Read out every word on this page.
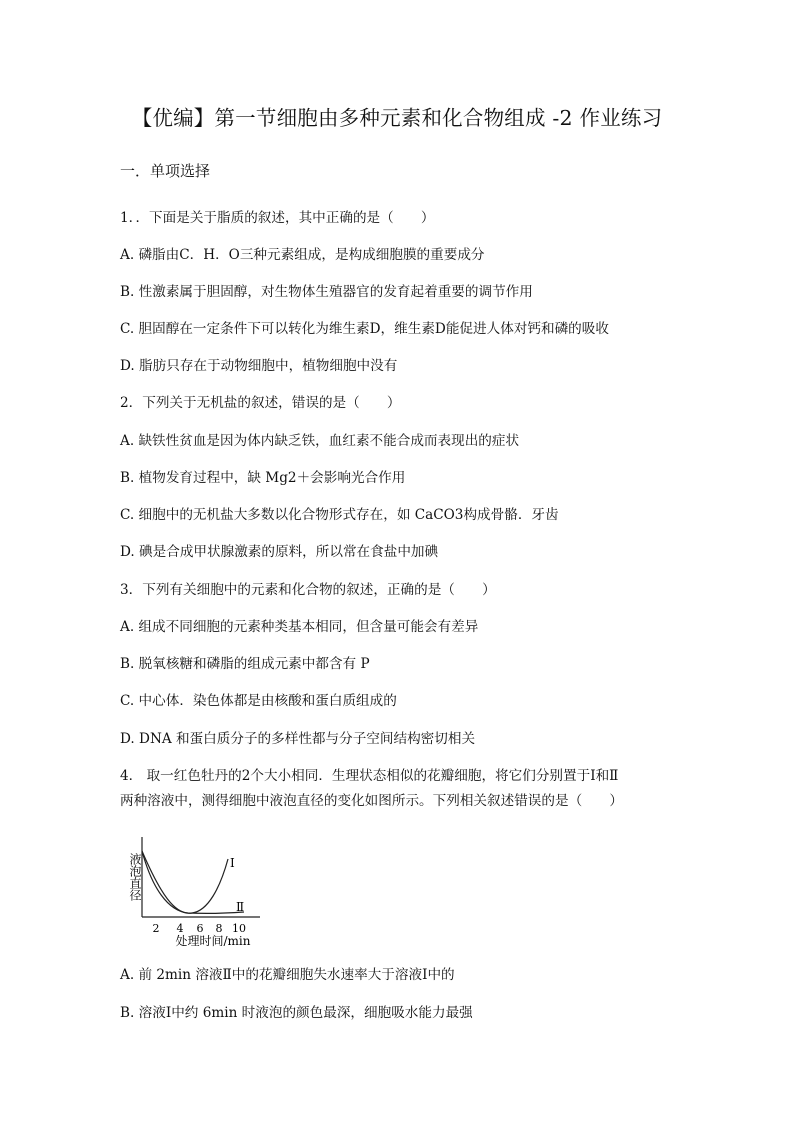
【优编】第一节细胞由多种元素和化合物组成 -2 作业练习
一．单项选择
1．．下面是关于脂质的叙述，其中正确的是（　　）
A. 磷脂由C．H．O三种元素组成，是构成细胞膜的重要成分
B. 性激素属于胆固醇，对生物体生殖器官的发育起着重要的调节作用
C. 胆固醇在一定条件下可以转化为维生素D，维生素D能促进人体对钙和磷的吸收
D. 脂肪只存在于动物细胞中，植物细胞中没有
2．下列关于无机盐的叙述，错误的是（　　）
A. 缺铁性贫血是因为体内缺乏铁，血红素不能合成而表现出的症状
B. 植物发育过程中，缺 Mg2＋会影响光合作用
C. 细胞中的无机盐大多数以化合物形式存在，如 CaCO3构成骨骼．牙齿
D. 碘是合成甲状腺激素的原料，所以常在食盐中加碘
3．下列有关细胞中的元素和化合物的叙述，正确的是（　　）
A. 组成不同细胞的元素种类基本相同，但含量可能会有差异
B. 脱氧核糖和磷脂的组成元素中都含有 P
C. 中心体．染色体都是由核酸和蛋白质组成的
D. DNA 和蛋白质分子的多样性都与分子空间结构密切相关
4． 取一红色牡丹的2个大小相同．生理状态相似的花瓣细胞，将它们分别置于Ⅰ和Ⅱ
两种溶液中，测得细胞中液泡直径的变化如图所示。下列相关叙述错误的是（　　）
液泡直径	Ⅰ
Ⅱ
2 4 6 8 10
处理时间/min
A. 前 2min 溶液Ⅱ中的花瓣细胞失水速率大于溶液Ⅰ中的
B. 溶液Ⅰ中约 6min 时液泡的颜色最深，细胞吸水能力最强
